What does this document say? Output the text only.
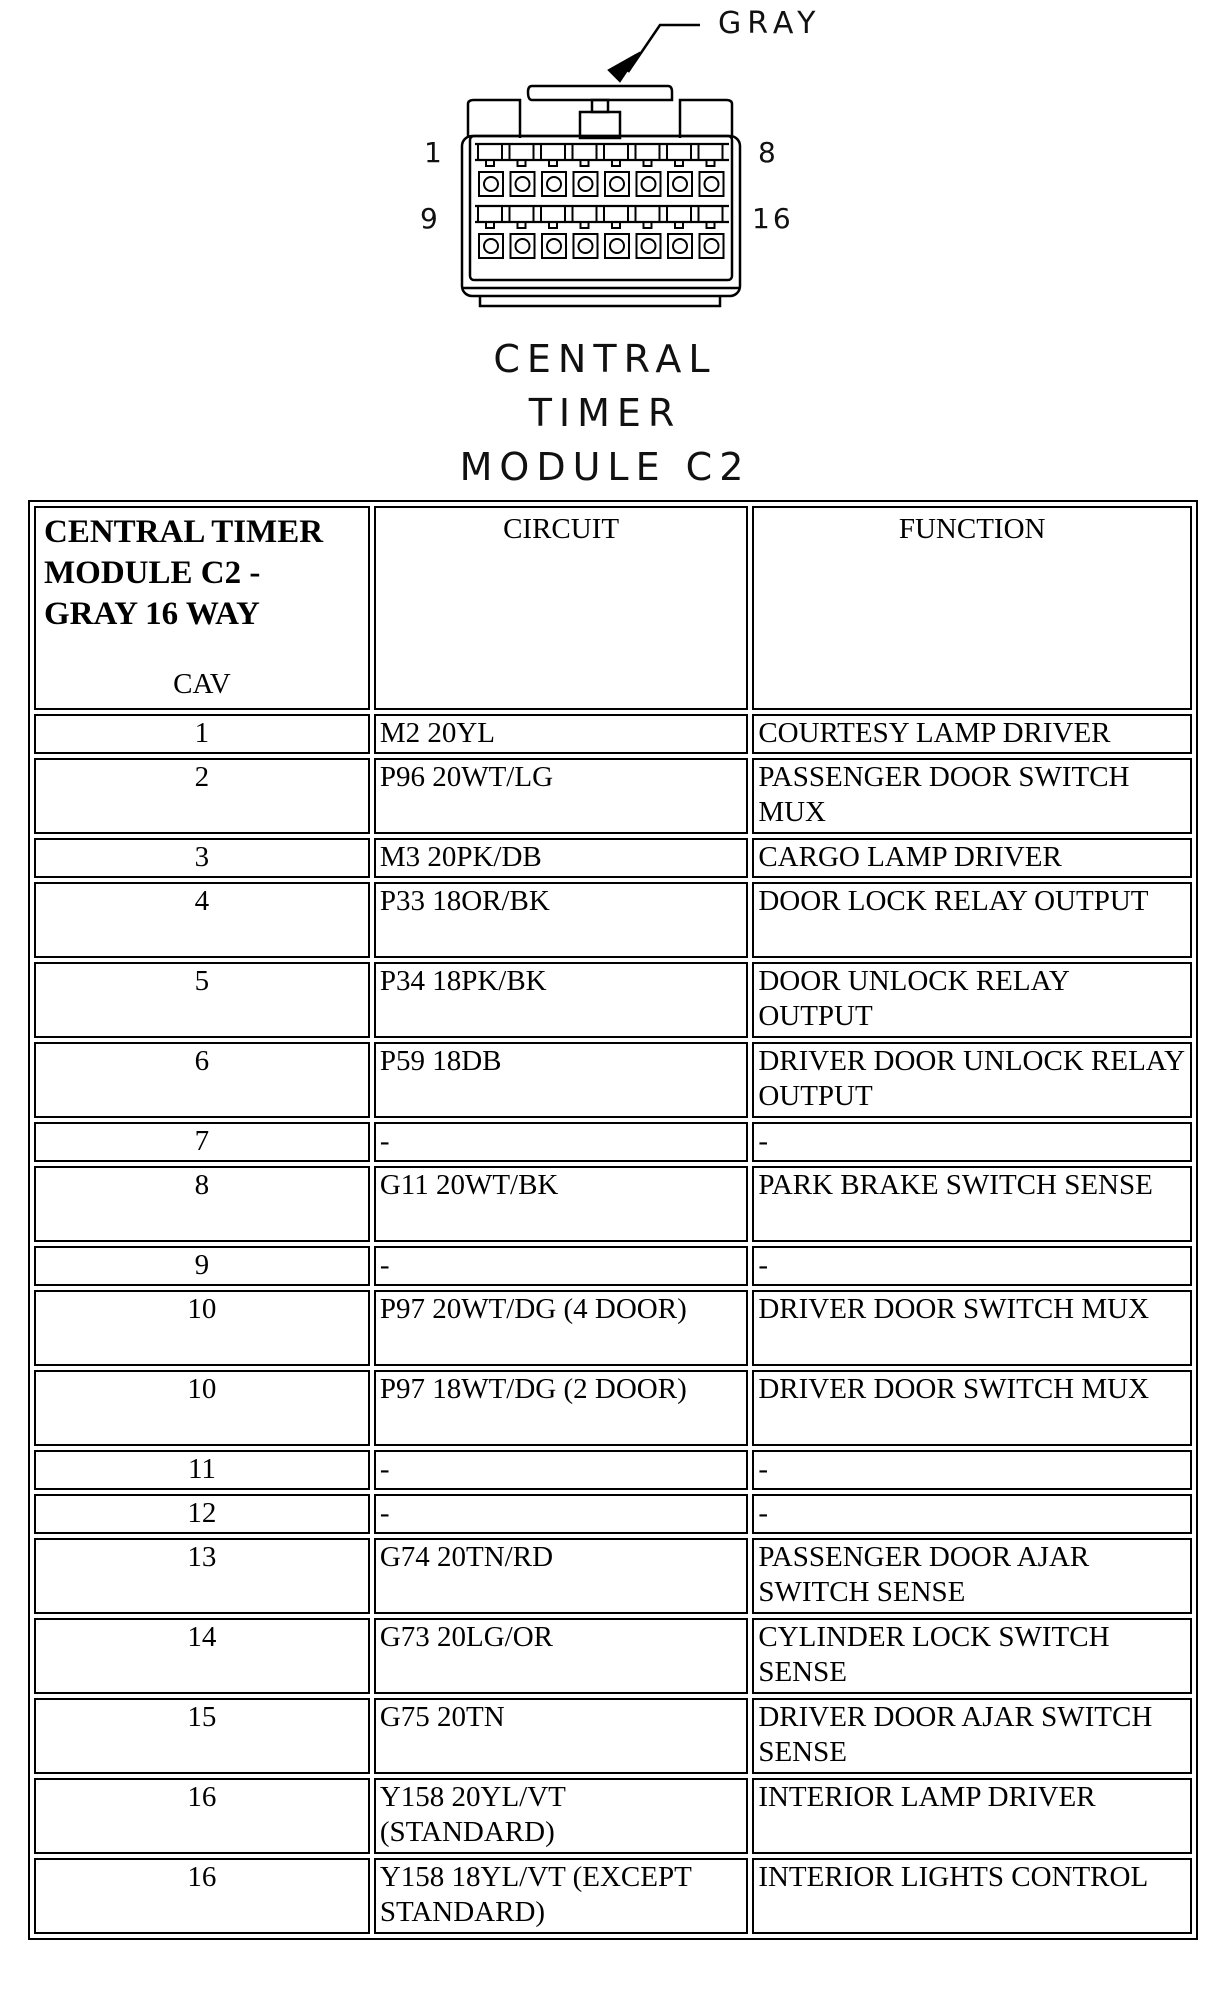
GRAY
1	8
9	16
CENTRAL
TIMER
MODULE C2
CENTRAL TIMER
MODULE C2 -
GRAY 16 WAY
CAV	CIRCUIT	FUNCTION
1	M2 20YL	COURTESY LAMP DRIVER
2	P96 20WT/LG	PASSENGER DOOR SWITCH MUX
3	M3 20PK/DB	CARGO LAMP DRIVER
4	P33 18OR/BK	DOOR LOCK RELAY OUTPUT
5	P34 18PK/BK	DOOR UNLOCK RELAY OUTPUT
6	P59 18DB	DRIVER DOOR UNLOCK RELAY OUTPUT
7	-	-
8	G11 20WT/BK	PARK BRAKE SWITCH SENSE
9	-	-
10	P97 20WT/DG (4 DOOR)	DRIVER DOOR SWITCH MUX
10	P97 18WT/DG (2 DOOR)	DRIVER DOOR SWITCH MUX
11	-	-
12	-	-
13	G74 20TN/RD	PASSENGER DOOR AJAR SWITCH SENSE
14	G73 20LG/OR	CYLINDER LOCK SWITCH SENSE
15	G75 20TN	DRIVER DOOR AJAR SWITCH SENSE
16	Y158 20YL/VT (STANDARD)	INTERIOR LAMP DRIVER
16	Y158 18YL/VT (EXCEPT STANDARD)	INTERIOR LIGHTS CONTROL
